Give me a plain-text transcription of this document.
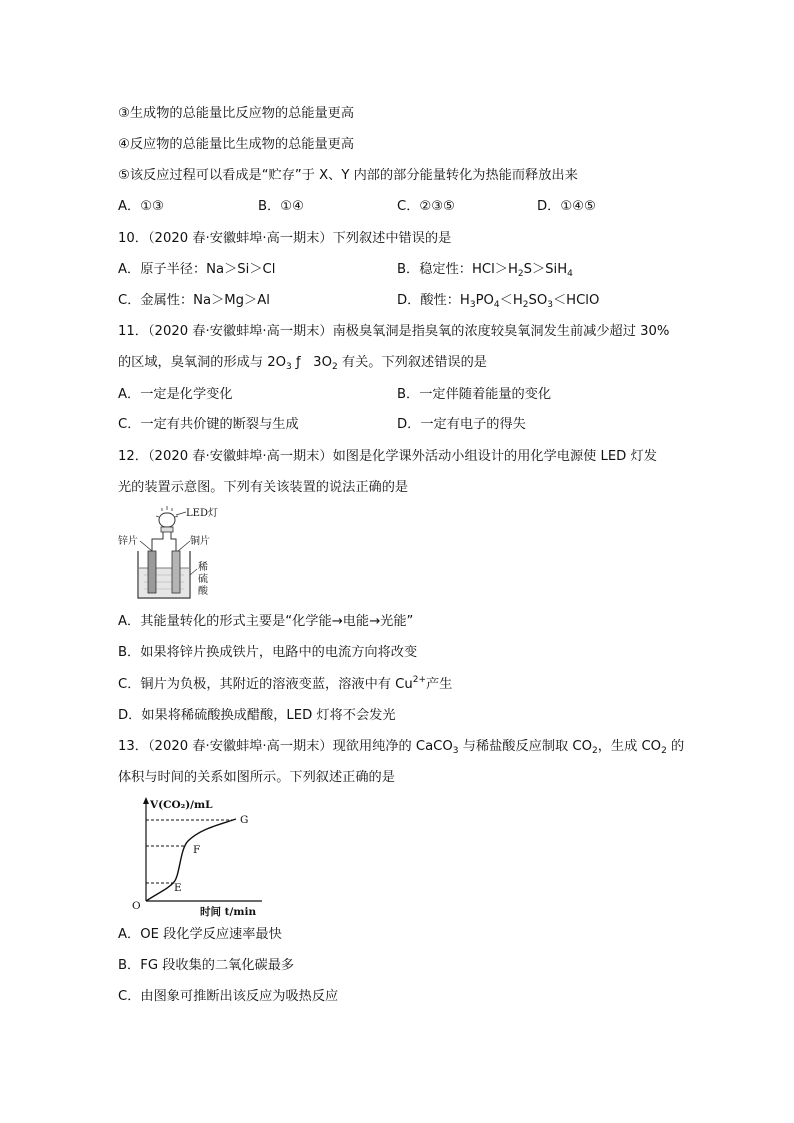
③生成物的总能量比反应物的总能量更高
④反应物的总能量比生成物的总能量更高
⑤该反应过程可以看成是“贮存”于 X、Y 内部的部分能量转化为热能而释放出来
A．①③	B．①④	C．②③⑤	D．①④⑤
10．（2020 春·安徽蚌埠·高一期末）下列叙述中错误的是
A．原子半径：Na＞Si＞Cl	B．稳定性：$HCl>H_2S>SiH_4$
C．金属性：Na＞Mg＞Al	D．酸性：$H_3PO_4<H_2SO_3<HClO$
11．（2020 春·安徽蚌埠·高一期末）南极臭氧洞是指臭氧的浓度较臭氧洞发生前减少超过 30%
的区域，臭氧洞的形成与 $2O_3$ ƒ   $3O_2$ 有关。下列叙述错误的是
A．一定是化学变化	B．一定伴随着能量的变化
C．一定有共价键的断裂与生成	D．一定有电子的得失
12．（2020 春·安徽蚌埠·高一期末）如图是化学课外活动小组设计的用化学电源使 LED 灯发
光的装置示意图。下列有关该装置的说法正确的是
LED灯
锌片	铜片
稀
硫
酸
A．其能量转化的形式主要是“化学能→电能→光能”
B．如果将锌片换成铁片，电路中的电流方向将改变
C．铜片为负极，其附近的溶液变蓝，溶液中有 $Cu^{2+}$产生
D．如果将稀硫酸换成醋酸，LED 灯将不会发光
13．（2020 春·安徽蚌埠·高一期末）现欲用纯净的 CaCO$_3$ 与稀盐酸反应制取 $CO_2$，生成 $CO_2$ 的
体积与时间的关系如图所示。下列叙述正确的是
V(CO₂)/mL
时间 t/min
O
E
F
G
A．OE 段化学反应速率最快
B．FG 段收集的二氧化碳最多
C．由图象可推断出该反应为吸热反应
